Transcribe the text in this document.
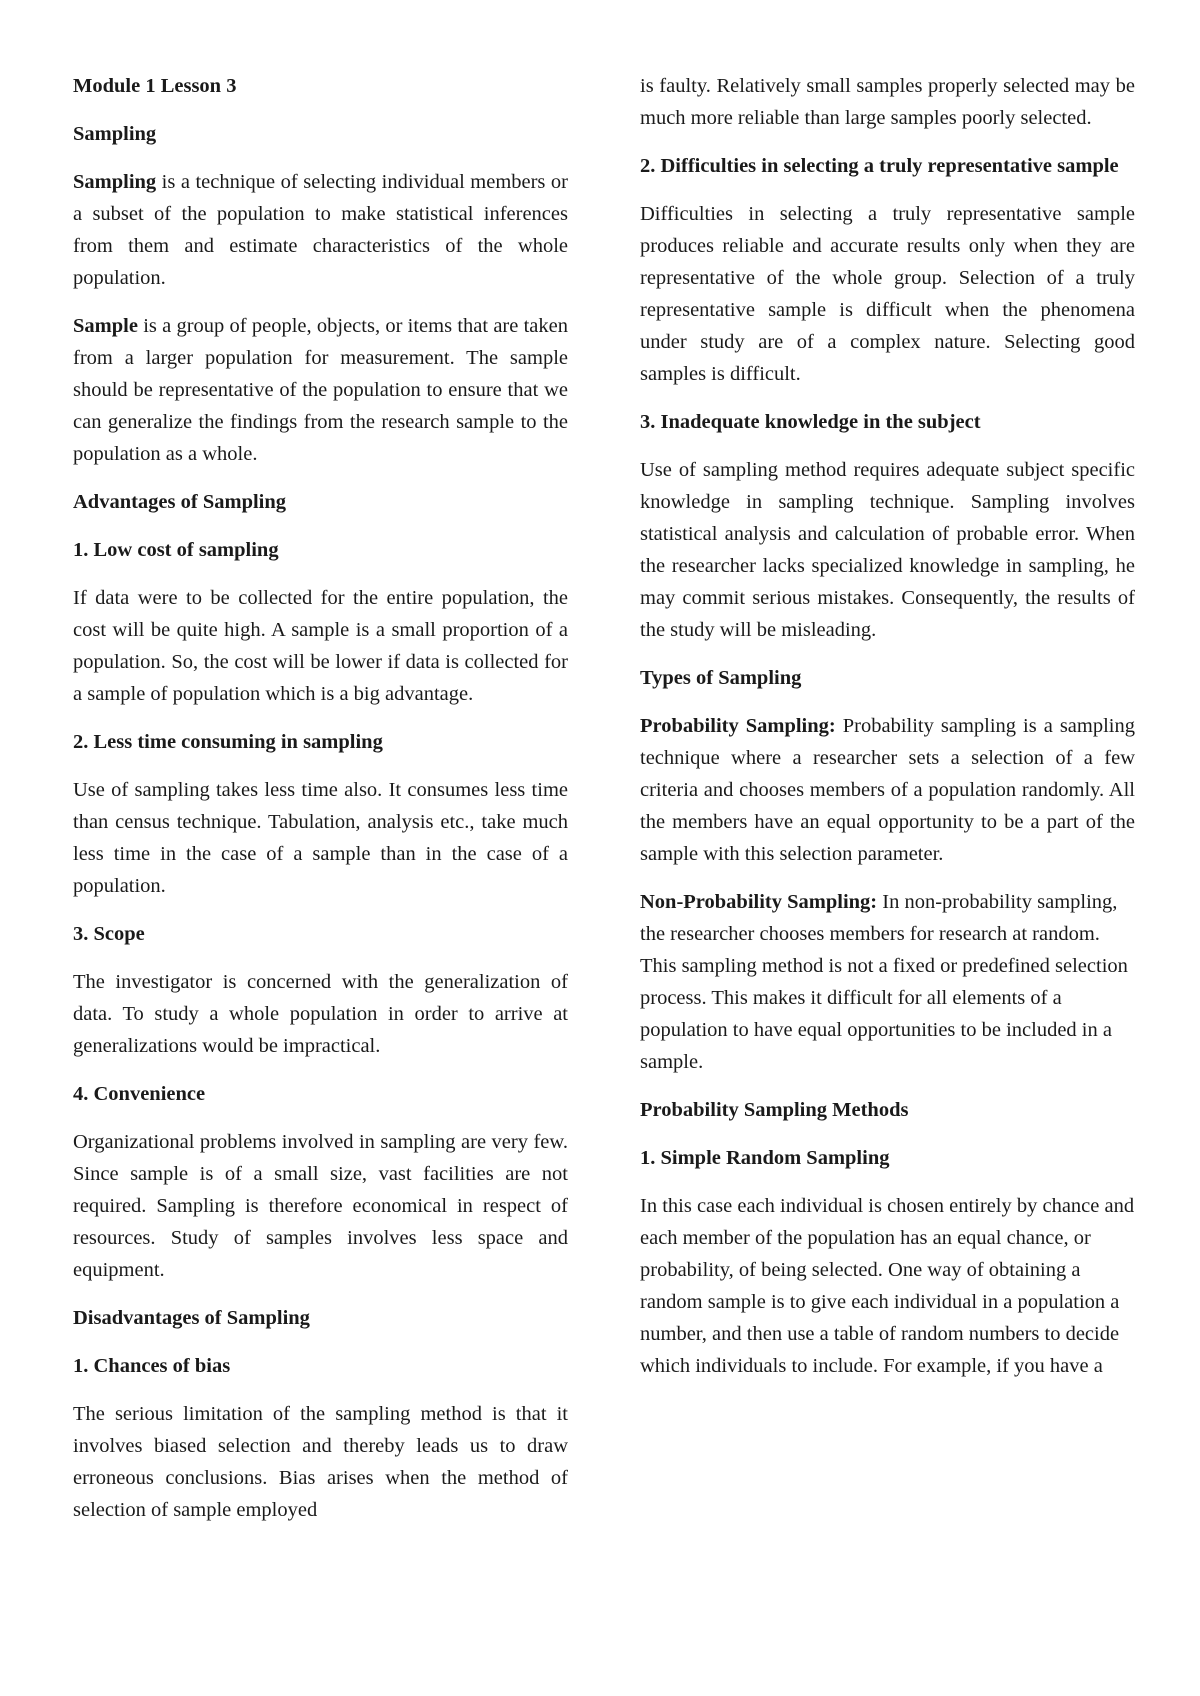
Module 1 Lesson 3
Sampling
Sampling is a technique of selecting individual members or a subset of the population to make statistical inferences from them and estimate characteristics of the whole population.
Sample is a group of people, objects, or items that are taken from a larger population for measurement. The sample should be representative of the population to ensure that we can generalize the findings from the research sample to the population as a whole.
Advantages of Sampling
1. Low cost of sampling
If data were to be collected for the entire population, the cost will be quite high. A sample is a small proportion of a population. So, the cost will be lower if data is collected for a sample of population which is a big advantage.
2. Less time consuming in sampling
Use of sampling takes less time also. It consumes less time than census technique. Tabulation, analysis etc., take much less time in the case of a sample than in the case of a population.
3. Scope
The investigator is concerned with the generalization of data. To study a whole population in order to arrive at generalizations would be impractical.
4. Convenience
Organizational problems involved in sampling are very few. Since sample is of a small size, vast facilities are not required. Sampling is therefore economical in respect of resources. Study of samples involves less space and equipment.
Disadvantages of Sampling
1. Chances of bias
The serious limitation of the sampling method is that it involves biased selection and thereby leads us to draw erroneous conclusions. Bias arises when the method of selection of sample employed
is faulty. Relatively small samples properly selected may be much more reliable than large samples poorly selected.
2. Difficulties in selecting a truly representative sample
Difficulties in selecting a truly representative sample produces reliable and accurate results only when they are representative of the whole group. Selection of a truly representative sample is difficult when the phenomena under study are of a complex nature. Selecting good samples is difficult.
3. Inadequate knowledge in the subject
Use of sampling method requires adequate subject specific knowledge in sampling technique. Sampling involves statistical analysis and calculation of probable error. When the researcher lacks specialized knowledge in sampling, he may commit serious mistakes. Consequently, the results of the study will be misleading.
Types of Sampling
Probability Sampling: Probability sampling is a sampling technique where a researcher sets a selection of a few criteria and chooses members of a population randomly. All the members have an equal opportunity to be a part of the sample with this selection parameter.
Non-Probability Sampling: In non-probability sampling, the researcher chooses members for research at random. This sampling method is not a fixed or predefined selection process. This makes it difficult for all elements of a population to have equal opportunities to be included in a sample.
Probability Sampling Methods
1. Simple Random Sampling
In this case each individual is chosen entirely by chance and each member of the population has an equal chance, or probability, of being selected. One way of obtaining a random sample is to give each individual in a population a number, and then use a table of random numbers to decide which individuals to include. For example, if you have a
